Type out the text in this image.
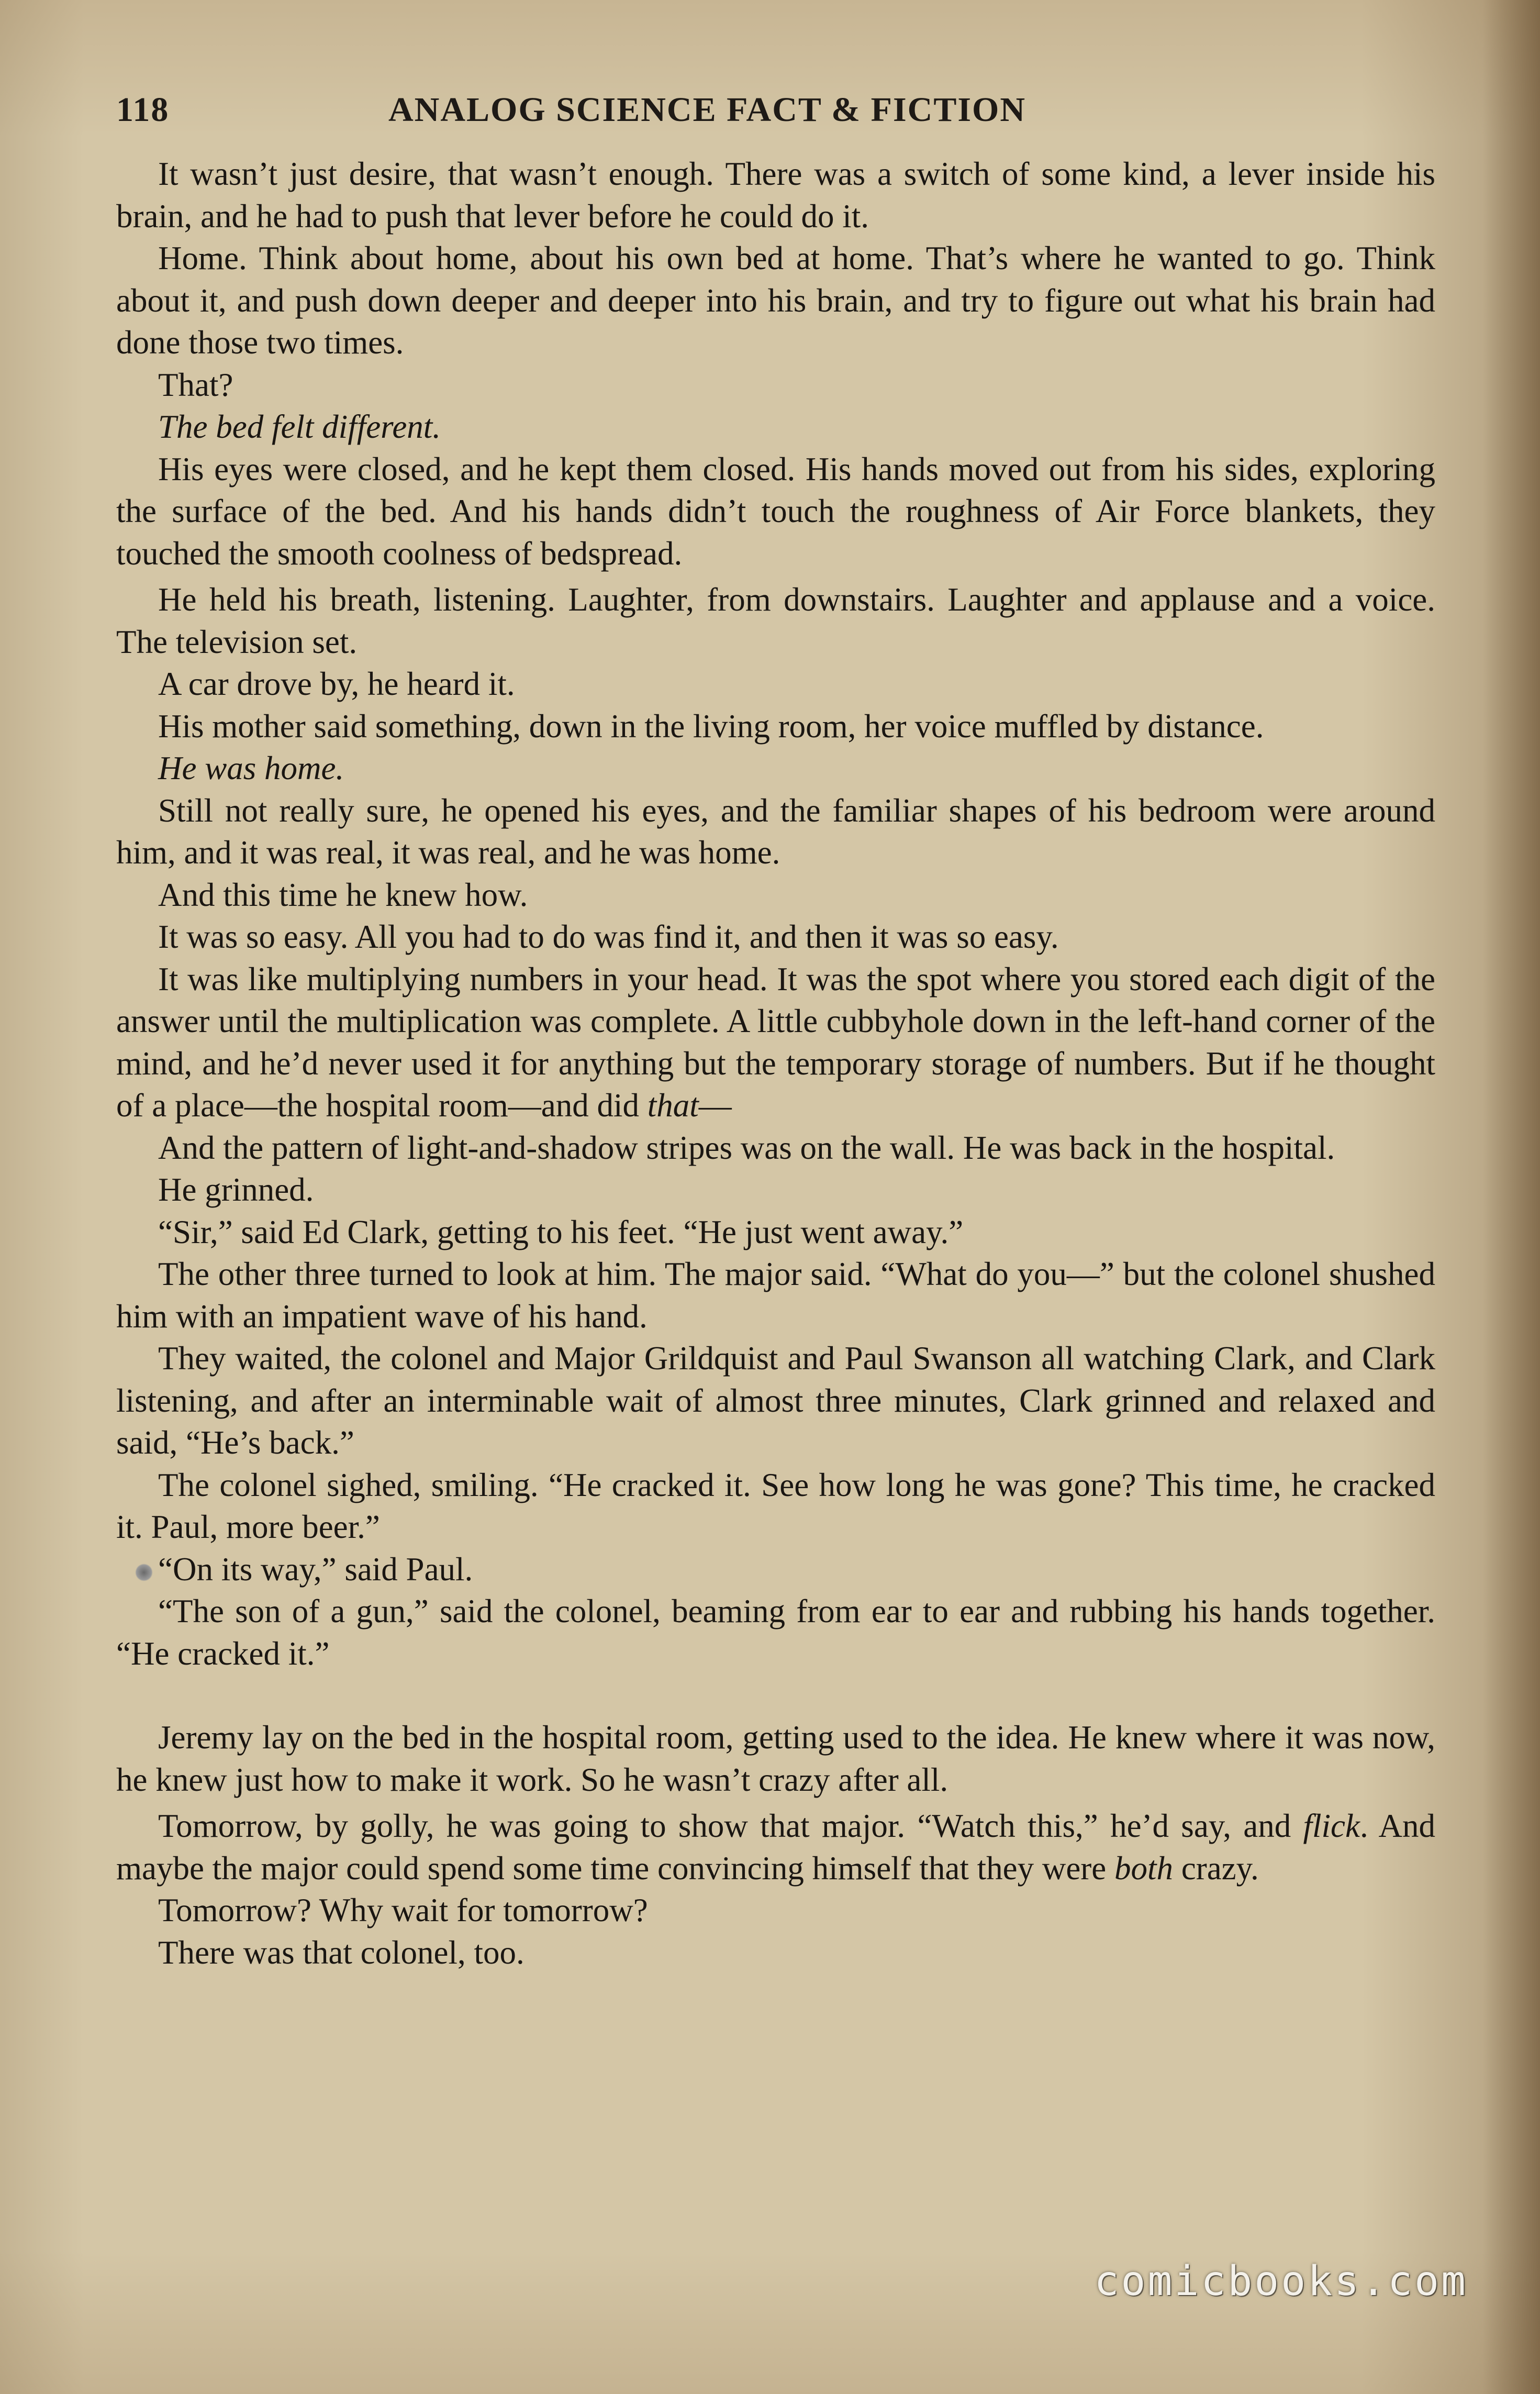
118	ANALOG SCIENCE FACT & FICTION

It wasn’t just desire, that wasn’t enough. There was a switch of some kind, a lever inside his brain, and he had to push that lever before he could do it.

Home. Think about home, about his own bed at home. That’s where he wanted to go. Think about it, and push down deeper and deeper into his brain, and try to figure out what his brain had done those two times.

That?

The bed felt different.

His eyes were closed, and he kept them closed. His hands moved out from his sides, exploring the surface of the bed. And his hands didn’t touch the roughness of Air Force blankets, they touched the smooth coolness of bedspread.

He held his breath, listening. Laughter, from downstairs. Laughter and applause and a voice. The television set.

A car drove by, he heard it.

His mother said something, down in the living room, her voice muffled by distance.

He was home.

Still not really sure, he opened his eyes, and the familiar shapes of his bedroom were around him, and it was real, it was real, and he was home.

And this time he knew how.

It was so easy. All you had to do was find it, and then it was so easy.

It was like multiplying numbers in your head. It was the spot where you stored each digit of the answer until the multiplication was complete. A little cubbyhole down in the left-hand corner of the mind, and he’d never used it for anything but the temporary storage of numbers. But if he thought of a place—the hospital room—and did that—

And the pattern of light-and-shadow stripes was on the wall. He was back in the hospital.

He grinned.

“Sir,” said Ed Clark, getting to his feet. “He just went away.”

The other three turned to look at him. The major said. “What do you—” but the colonel shushed him with an impatient wave of his hand.

They waited, the colonel and Major Grildquist and Paul Swanson all watching Clark, and Clark listening, and after an interminable wait of almost three minutes, Clark grinned and relaxed and said, “He’s back.”

The colonel sighed, smiling. “He cracked it. See how long he was gone? This time, he cracked it. Paul, more beer.”

“On its way,” said Paul.

“The son of a gun,” said the colonel, beaming from ear to ear and rubbing his hands together. “He cracked it.”

Jeremy lay on the bed in the hospital room, getting used to the idea. He knew where it was now, he knew just how to make it work. So he wasn’t crazy after all.

Tomorrow, by golly, he was going to show that major. “Watch this,” he’d say, and flick. And maybe the major could spend some time convincing himself that they were both crazy.

Tomorrow? Why wait for tomorrow?

There was that colonel, too.

comicbooks.com
